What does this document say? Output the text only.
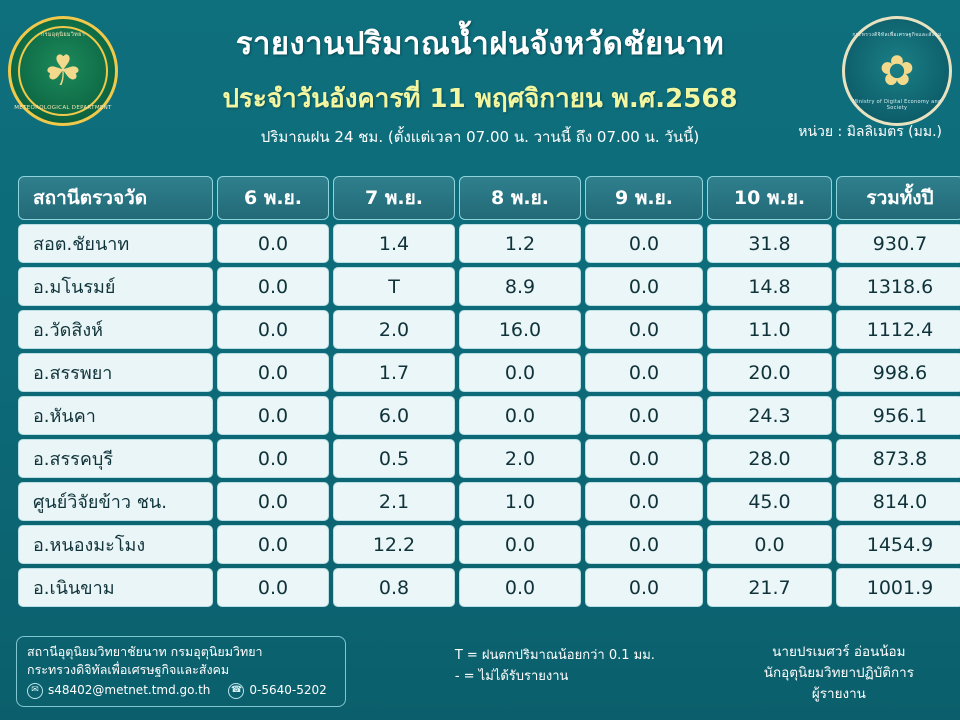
กรมอุตุนิยมวิทยา
☘
METEOROLOGICAL DEPARTMENT
กระทรวงดิจิทัลเพื่อเศรษฐกิจและสังคม
✿
Ministry of Digital Economy and Society
รายงานปริมาณน้ำฝนจังหวัดชัยนาท
ประจำวันอังคารที่ 11 พฤศจิกายน พ.ศ.2568
ปริมาณฝน 24 ชม. (ตั้งแต่เวลา 07.00 น. วานนี้ ถึง 07.00 น. วันนี้)	หน่วย : มิลลิเมตร (มม.)
สถานีตรวจวัด	6 พ.ย.	7 พ.ย.	8 พ.ย.	9 พ.ย.	10 พ.ย.	รวมทั้งปี
สอต.ชัยนาท	0.0	1.4	1.2	0.0	31.8	930.7
อ.มโนรมย์	0.0	T	8.9	0.0	14.8	1318.6
อ.วัดสิงห์	0.0	2.0	16.0	0.0	11.0	1112.4
อ.สรรพยา	0.0	1.7	0.0	0.0	20.0	998.6
อ.หันคา	0.0	6.0	0.0	0.0	24.3	956.1
อ.สรรคบุรี	0.0	0.5	2.0	0.0	28.0	873.8
ศูนย์วิจัยข้าว ชน.	0.0	2.1	1.0	0.0	45.0	814.0
อ.หนองมะโมง	0.0	12.2	0.0	0.0	0.0	1454.9
อ.เนินขาม	0.0	0.8	0.0	0.0	21.7	1001.9
สถานีอุตุนิยมวิทยาชัยนาท กรมอุตุนิยมวิทยา
กระทรวงดิจิทัลเพื่อเศรษฐกิจและสังคม
✉ s48402@metnet.tmd.go.th ☎ 0-5640-5202
T = ฝนตกปริมาณน้อยกว่า 0.1 มม.
- = ไม่ได้รับรายงาน
นายปรเมศวร์ อ่อนน้อม
นักอุตุนิยมวิทยาปฏิบัติการ
ผู้รายงาน
